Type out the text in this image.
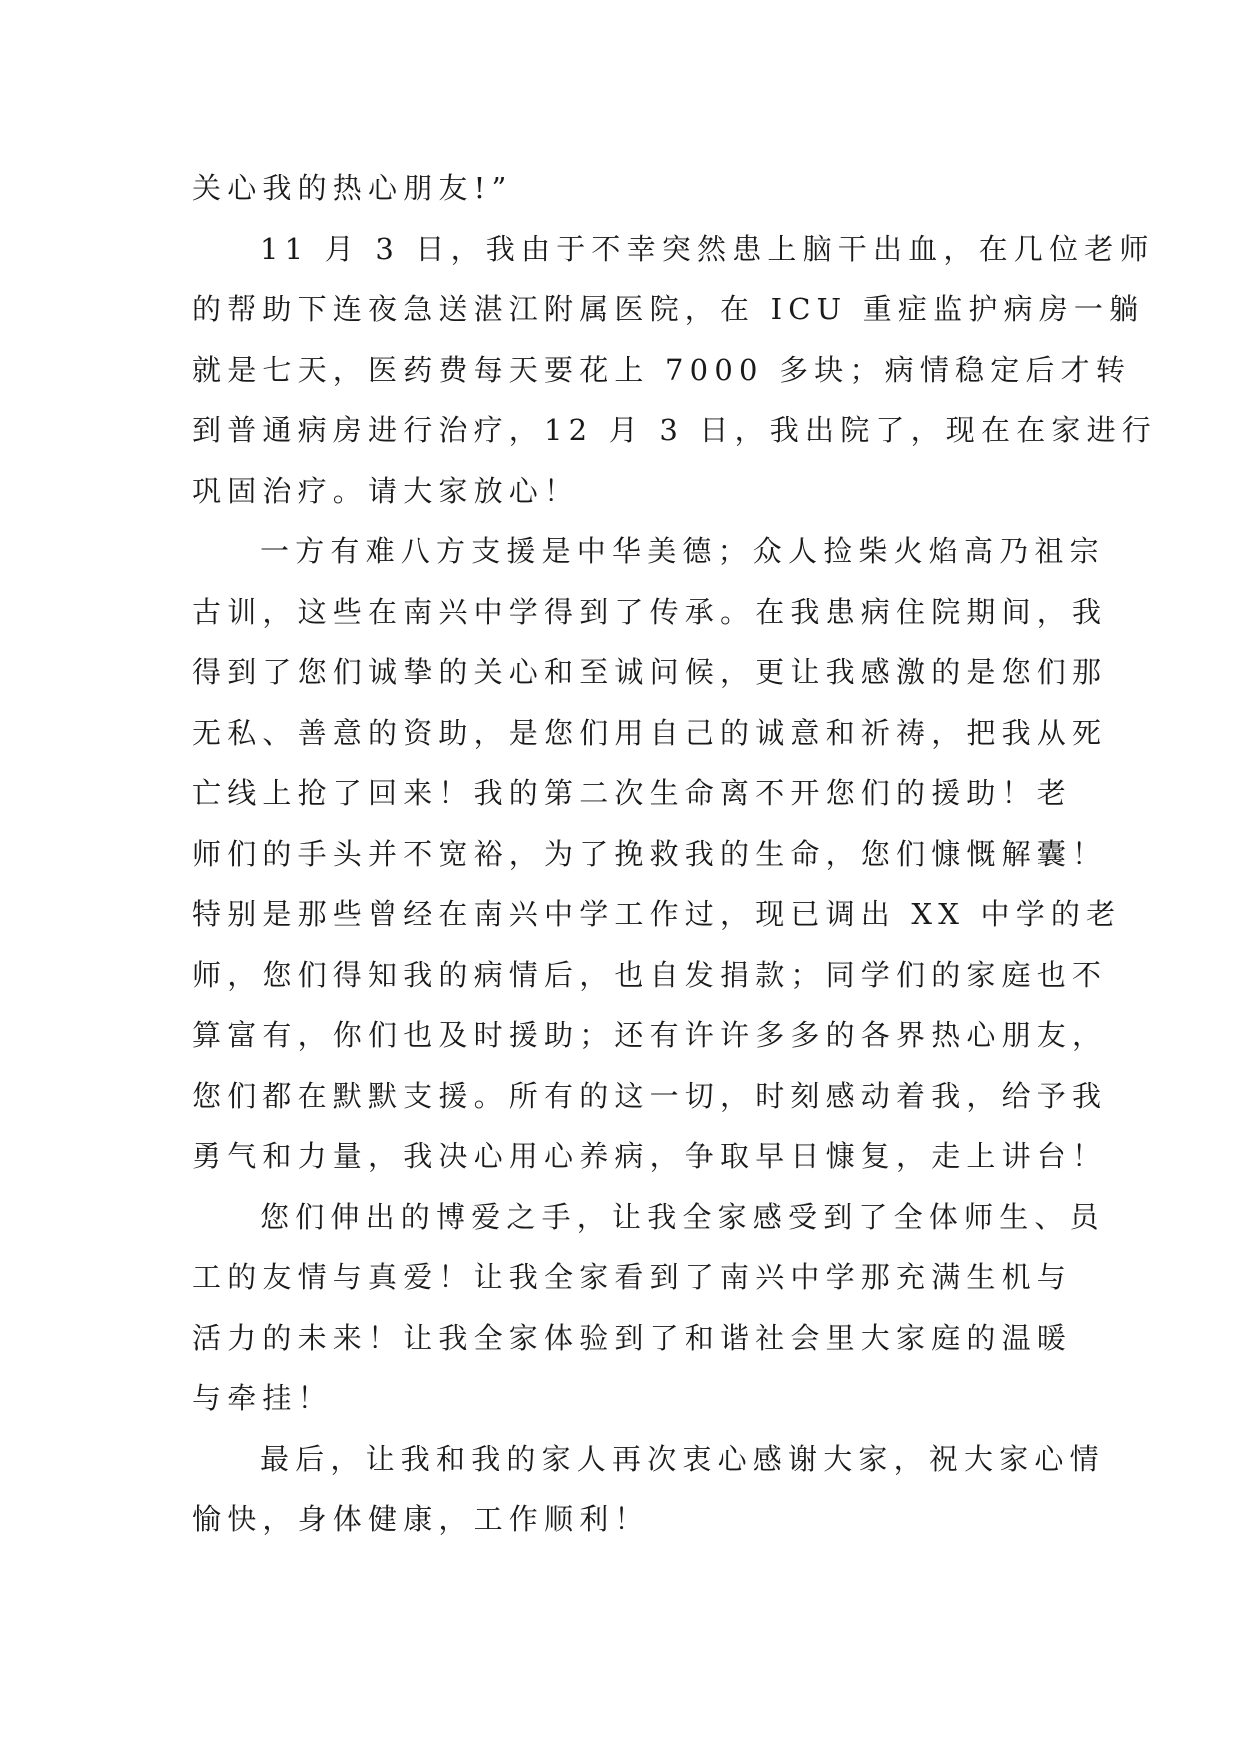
关心我的热心朋友!”
11 月 3 日，我由于不幸突然患上脑干出血，在几位老师
的帮助下连夜急送湛江附属医院，在 ICU 重症监护病房一躺
就是七天，医药费每天要花上 7000 多块；病情稳定后才转
到普通病房进行治疗，12 月 3 日，我出院了，现在在家进行
巩固治疗。请大家放心！
一方有难八方支援是中华美德；众人捡柴火焰高乃祖宗
古训，这些在南兴中学得到了传承。在我患病住院期间，我
得到了您们诚挚的关心和至诚问候，更让我感激的是您们那
无私、善意的资助，是您们用自己的诚意和祈祷，把我从死
亡线上抢了回来！我的第二次生命离不开您们的援助！老
师们的手头并不宽裕，为了挽救我的生命，您们慷慨解囊！
特别是那些曾经在南兴中学工作过，现已调出 XX 中学的老
师，您们得知我的病情后，也自发捐款；同学们的家庭也不
算富有，你们也及时援助；还有许许多多的各界热心朋友，
您们都在默默支援。所有的这一切，时刻感动着我，给予我
勇气和力量，我决心用心养病，争取早日慷复，走上讲台！
您们伸出的博爱之手，让我全家感受到了全体师生、员
工的友情与真爱！让我全家看到了南兴中学那充满生机与
活力的未来！让我全家体验到了和谐社会里大家庭的温暖
与牵挂！
最后，让我和我的家人再次衷心感谢大家，祝大家心情
愉快，身体健康，工作顺利！
